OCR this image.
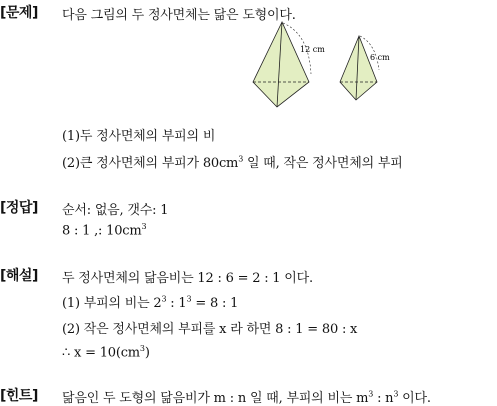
[문제] 다음 그림의 두 정사면체는 닮은 도형이다.
12 cm
6 cm
(1)두 정사면체의 부피의 비
(2)큰 정사면체의 부피가 $80cm^3$ 일 때, 작은 정사면체의 부피
[정답] 순서: 없음, 갯수: 1
8 : 1 ,: $10cm^3$
[해설] 두 정사면체의 닮음비는 12 : 6 = 2 : 1 이다.
(1) 부피의 비는 $2^3$ : $1^3 = 8$ : 1
(2) 작은 정사면체의 부피를 x 라 하면 8 : 1 = 80 : x
∴ $x = 10(cm^3)$
[힌트] 닮음인 두 도형의 닮음비가 m : n 일 때, 부피의 비는 $m^3$ : $n^3$ 이다.
